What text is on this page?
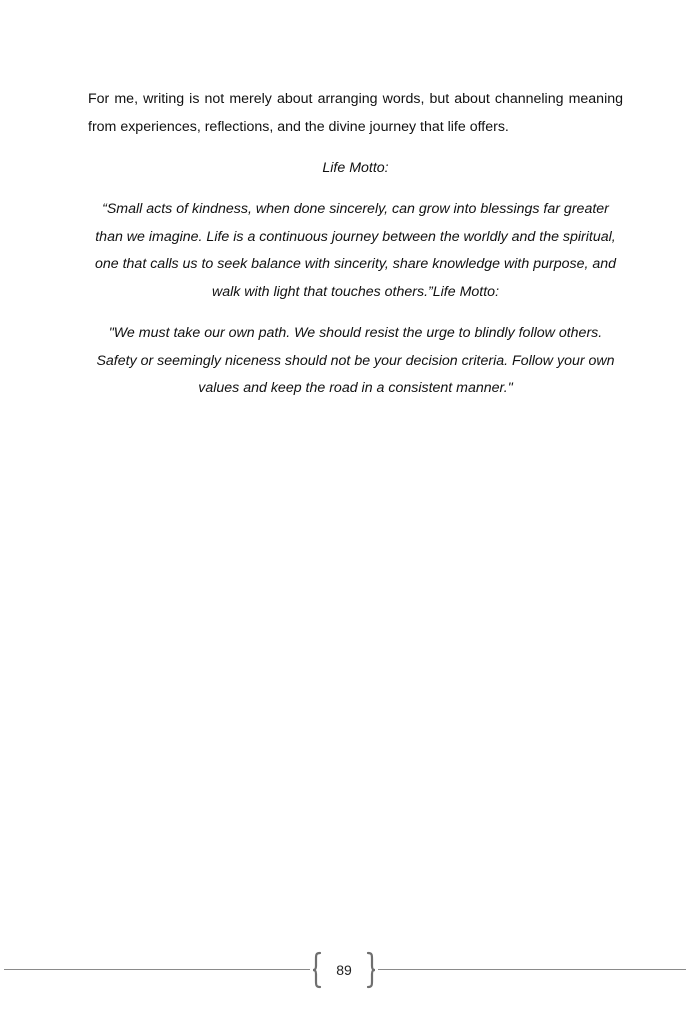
For me, writing is not merely about arranging words, but about channeling meaning from experiences, reflections, and the divine journey that life offers.

Life Motto:

“Small acts of kindness, when done sincerely, can grow into blessings far greater than we imagine. Life is a continuous journey between the worldly and the spiritual, one that calls us to seek balance with sincerity, share knowledge with purpose, and walk with light that touches others.”Life Motto:

"We must take our own path. We should resist the urge to blindly follow others. Safety or seemingly niceness should not be your decision criteria. Follow your own values and keep the road in a consistent manner."

89
